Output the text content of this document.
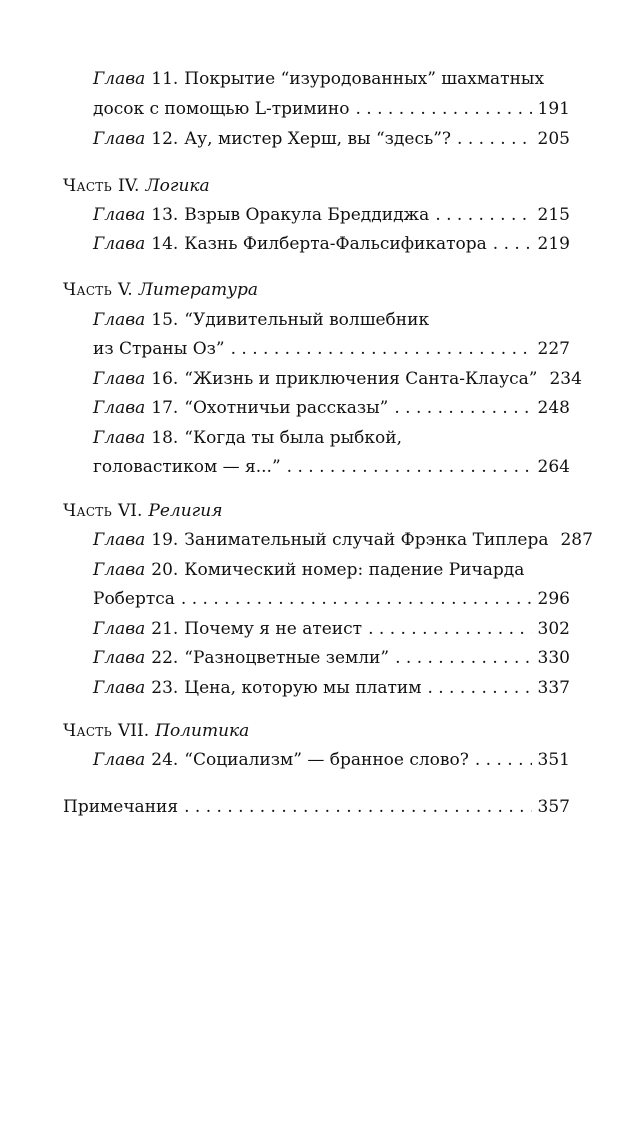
Глава 11. Покрытие “изуродованных” шахматных
досок с помощью L-тримино . . .	191
Глава 12. Ау, мистер Херш, вы “здесь”? . . .	205
Часть IV. Логика
Глава 13. Взрыв Оракула Бреддиджа . . .	215
Глава 14. Казнь Филберта-Фальсификатора . . .	219
Часть V. Литература
Глава 15. “Удивительный волшебник
из Страны Оз” . . .	227
Глава 16. “Жизнь и приключения Санта-Клауса” 234
Глава 17. “Охотничьи рассказы” . . .	248
Глава 18. “Когда ты была рыбкой,
головастиком — я...” . . .	264
Часть VI. Религия
Глава 19. Занимательный случай Фрэнка Типлера 287
Глава 20. Комический номер: падение Ричарда
Робертса . . .	296
Глава 21. Почему я не атеист . . .	302
Глава 22. “Разноцветные земли” . . .	330
Глава 23. Цена, которую мы платим . . .	337
Часть VII. Политика
Глава 24. “Социализм” — бранное слово? . . .	351
Примечания . . .	357
